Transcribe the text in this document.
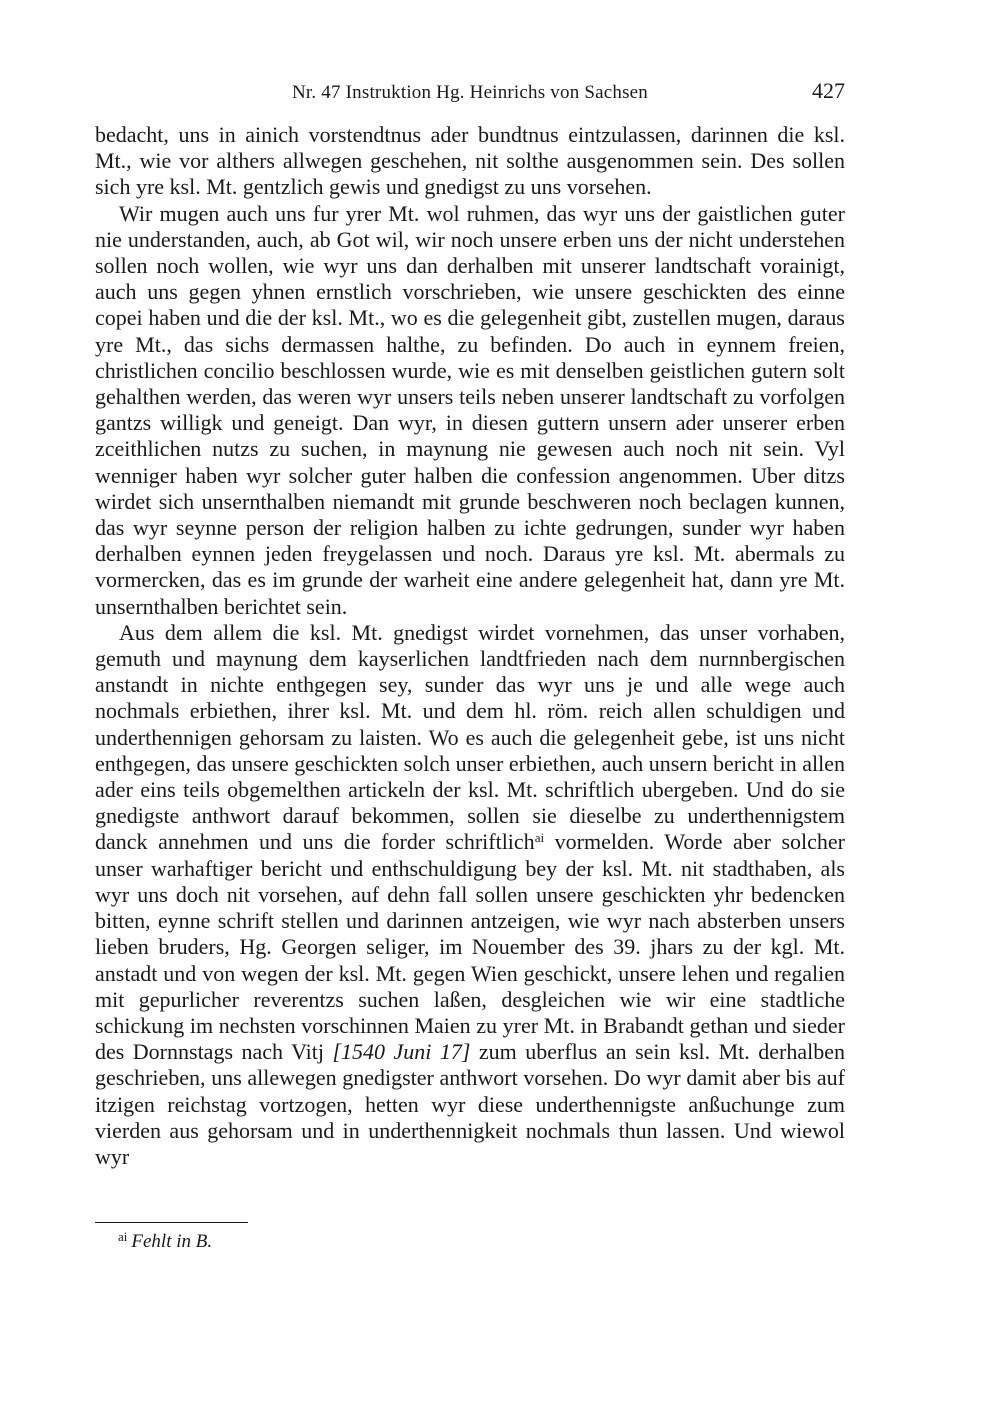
Nr. 47 Instruktion Hg. Heinrichs von Sachsen	427

bedacht, uns in ainich vorstendtnus ader bundtnus eintzulassen, darinnen die ksl. Mt., wie vor althers allwegen geschehen, nit solthe ausgenommen sein. Des sollen sich yre ksl. Mt. gentzlich gewis und gnedigst zu uns vorsehen.

Wir mugen auch uns fur yrer Mt. wol ruhmen, das wyr uns der gaistlichen guter nie understanden, auch, ab Got wil, wir noch unsere erben uns der nicht understehen sollen noch wollen, wie wyr uns dan derhalben mit unserer landtschaft vorainigt, auch uns gegen yhnen ernstlich vorschrieben, wie unsere geschickten des einne copei haben und die der ksl. Mt., wo es die gelegenheit gibt, zustellen mugen, daraus yre Mt., das sichs dermassen halthe, zu befinden. Do auch in eynnem freien, christlichen concilio beschlossen wurde, wie es mit denselben geistlichen gutern solt gehalthen werden, das weren wyr unsers teils neben unserer landtschaft zu vorfolgen gantzs willigk und geneigt. Dan wyr, in diesen guttern unsern ader unserer erben zceithlichen nutzs zu suchen, in maynung nie gewesen auch noch nit sein. Vyl wenniger haben wyr solcher guter halben die confession angenommen. Uber ditzs wirdet sich unsernthalben niemandt mit grunde beschweren noch beclagen kunnen, das wyr seynne person der religion halben zu ichte gedrungen, sunder wyr haben derhalben eynnen jeden freygelassen und noch. Daraus yre ksl. Mt. abermals zu vormercken, das es im grunde der warheit eine andere gelegenheit hat, dann yre Mt. unsernthalben berichtet sein.

Aus dem allem die ksl. Mt. gnedigst wirdet vornehmen, das unser vorhaben, gemuth und maynung dem kayserlichen landtfrieden nach dem nurnnbergischen anstandt in nichte enthgegen sey, sunder das wyr uns je und alle wege auch nochmals erbiethen, ihrer ksl. Mt. und dem hl. röm. reich allen schuldigen und underthennigen gehorsam zu laisten. Wo es auch die gelegenheit gebe, ist uns nicht enthgegen, das unsere geschickten solch unser erbiethen, auch unsern bericht in allen ader eins teils obgemelthen artickeln der ksl. Mt. schriftlich ubergeben. Und do sie gnedigste anthwort darauf bekommen, sollen sie dieselbe zu underthennigstem danck annehmen und uns die forder schriftlich$^{ai}$ vormelden. Worde aber solcher unser warhaftiger bericht und enthschuldigung bey der ksl. Mt. nit stadthaben, als wyr uns doch nit vorsehen, auf dehn fall sollen unsere geschickten yhr bedencken bitten, eynne schrift stellen und darinnen antzeigen, wie wyr nach absterben unsers lieben bruders, Hg. Georgen seliger, im Nouember des 39. jhars zu der kgl. Mt. anstadt und von wegen der ksl. Mt. gegen Wien geschickt, unsere lehen und regalien mit gepurlicher reverentzs suchen laßen, desgleichen wie wir eine stadtliche schickung im nechsten vorschinnen Maien zu yrer Mt. in Brabandt gethan und sieder des Dornnstags nach Vitj [1540 Juni 17] zum uberflus an sein ksl. Mt. derhalben geschrieben, uns allewegen gnedigster anthwort vorsehen. Do wyr damit aber bis auf itzigen reichstag vortzogen, hetten wyr diese underthennigste anßuchunge zum vierden aus gehorsam und in underthennigkeit nochmals thun lassen. Und wiewol wyr

$^{ai}$ Fehlt in B.
